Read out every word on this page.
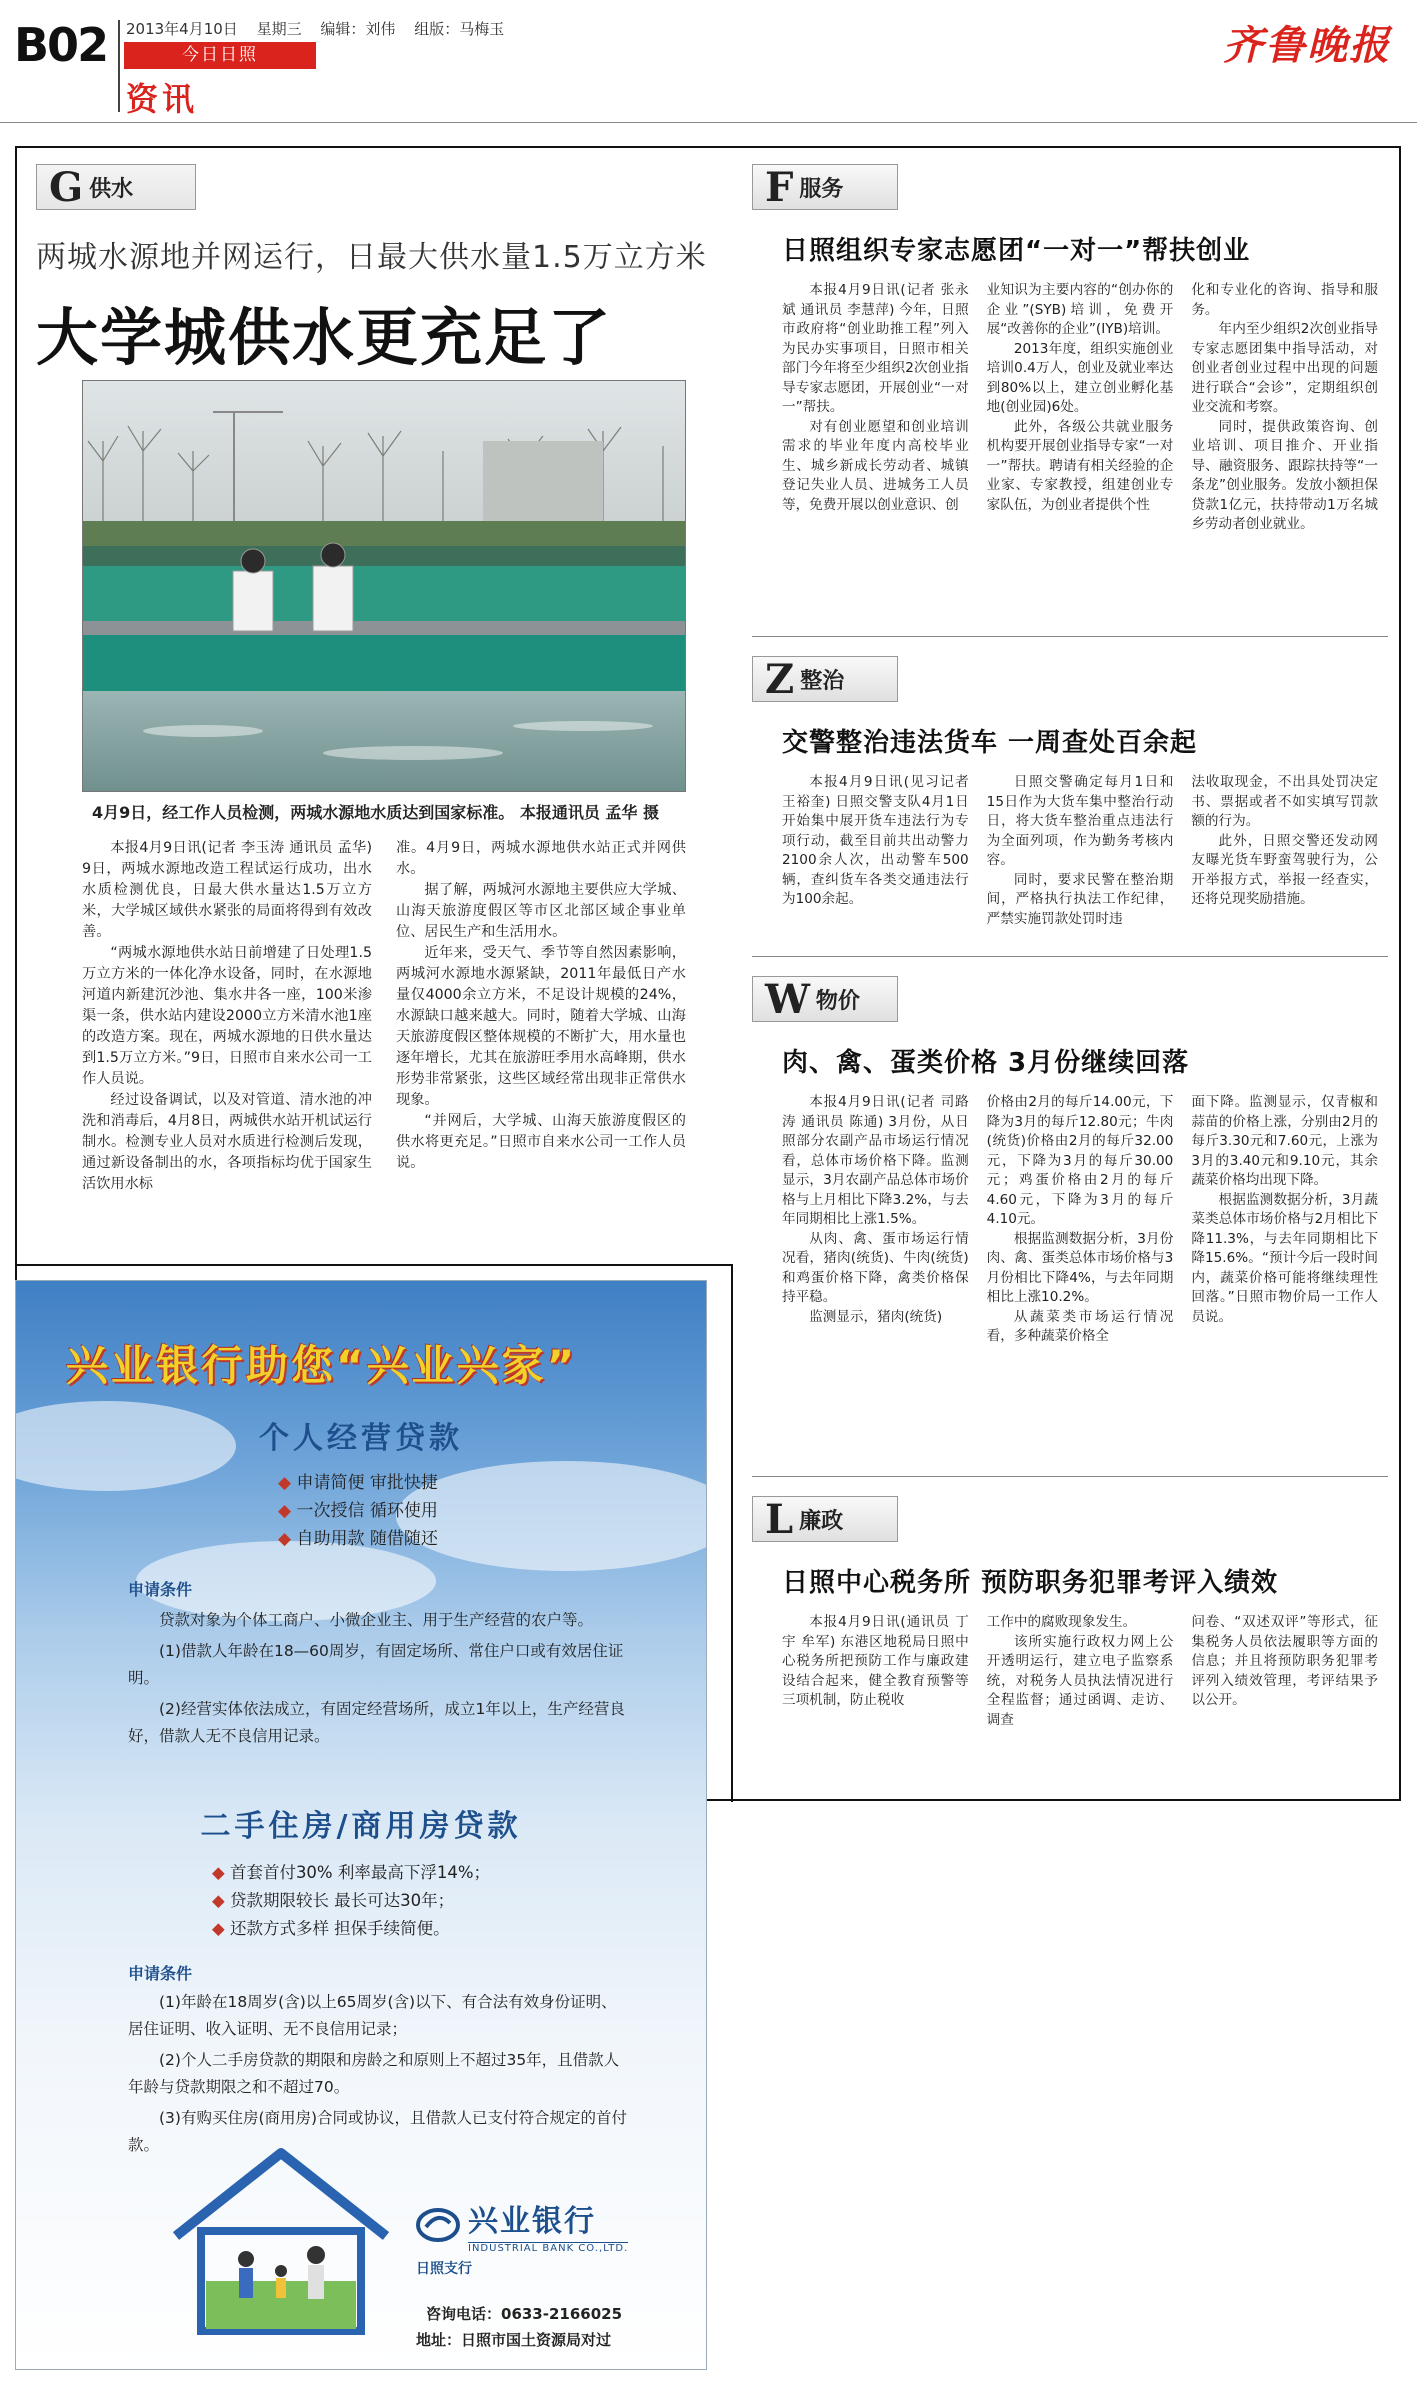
B02 2013年4月10日 星期三 编辑：刘伟 组版：马梅玉
今日日照
资讯
齐鲁晚报
G 供水
两城水源地并网运行，日最大供水量1.5万立方米
大学城供水更充足了
4月9日，经工作人员检测，两城水源地水质达到国家标准。 本报通讯员 孟华 摄

本报4月9日讯(记者 李玉涛 通讯员 孟华) 9日，两城水源地改造工程试运行成功，出水水质检测优良，日最大供水量达1.5万立方米，大学城区域供水紧张的局面将得到有效改善。

“两城水源地供水站日前增建了日处理1.5万立方米的一体化净水设备，同时，在水源地河道内新建沉沙池、集水井各一座，100米渗渠一条，供水站内建设2000立方米清水池1座的改造方案。现在，两城水源地的日供水量达到1.5万立方米。”9日，日照市自来水公司一工作人员说。

经过设备调试，以及对管道、清水池的冲洗和消毒后，4月8日，两城供水站开机试运行制水。检测专业人员对水质进行检测后发现，通过新设备制出的水，各项指标均优于国家生活饮用水标

准。4月9日，两城水源地供水站正式并网供水。

据了解，两城河水源地主要供应大学城、山海天旅游度假区等市区北部区域企事业单位、居民生产和生活用水。

近年来，受天气、季节等自然因素影响，两城河水源地水源紧缺，2011年最低日产水量仅4000余立方米，不足设计规模的24%，水源缺口越来越大。同时，随着大学城、山海天旅游度假区整体规模的不断扩大，用水量也逐年增长，尤其在旅游旺季用水高峰期，供水形势非常紧张，这些区域经常出现非正常供水现象。

“并网后，大学城、山海天旅游度假区的供水将更充足。”日照市自来水公司一工作人员说。

F 服务
日照组织专家志愿团“一对一”帮扶创业

本报4月9日讯(记者 张永斌 通讯员 李慧萍) 今年，日照市政府将“创业助推工程”列入为民办实事项目，日照市相关部门今年将至少组织2次创业指导专家志愿团，开展创业“一对一”帮扶。

对有创业愿望和创业培训需求的毕业年度内高校毕业生、城乡新成长劳动者、城镇登记失业人员、进城务工人员等，免费开展以创业意识、创

业知识为主要内容的“创办你的企业”(SYB)培训，免费开展“改善你的企业”(IYB)培训。

2013年度，组织实施创业培训0.4万人，创业及就业率达到80%以上，建立创业孵化基地(创业园)6处。

此外，各级公共就业服务机构要开展创业指导专家“一对一”帮扶。聘请有相关经验的企业家、专家教授，组建创业专家队伍，为创业者提供个性

化和专业化的咨询、指导和服务。

年内至少组织2次创业指导专家志愿团集中指导活动，对创业者创业过程中出现的问题进行联合“会诊”，定期组织创业交流和考察。

同时，提供政策咨询、创业培训、项目推介、开业指导、融资服务、跟踪扶持等“一条龙”创业服务。发放小额担保贷款1亿元，扶持带动1万名城乡劳动者创业就业。

Z 整治
交警整治违法货车 一周查处百余起

本报4月9日讯(见习记者 王裕奎) 日照交警支队4月1日开始集中展开货车违法行为专项行动，截至目前共出动警力2100余人次，出动警车500辆，查纠货车各类交通违法行为100余起。

日照交警确定每月1日和15日作为大货车集中整治行动日，将大货车整治重点违法行为全面列项，作为勤务考核内容。

同时，要求民警在整治期间，严格执行执法工作纪律，严禁实施罚款处罚时违

法收取现金，不出具处罚决定书、票据或者不如实填写罚款额的行为。

此外，日照交警还发动网友曝光货车野蛮驾驶行为，公开举报方式，举报一经查实，还将兑现奖励措施。

W 物价
肉、禽、蛋类价格 3月份继续回落

本报4月9日讯(记者 司路涛 通讯员 陈通) 3月份，从日照部分农副产品市场运行情况看，总体市场价格下降。监测显示，3月农副产品总体市场价格与上月相比下降3.2%，与去年同期相比上涨1.5%。

从肉、禽、蛋市场运行情况看，猪肉(统货)、牛肉(统货)和鸡蛋价格下降，禽类价格保持平稳。

监测显示，猪肉(统货)

价格由2月的每斤14.00元，下降为3月的每斤12.80元；牛肉(统货)价格由2月的每斤32.00元，下降为3月的每斤30.00元；鸡蛋价格由2月的每斤4.60元，下降为3月的每斤4.10元。

根据监测数据分析，3月份肉、禽、蛋类总体市场价格与3月份相比下降4%，与去年同期相比上涨10.2%。

从蔬菜类市场运行情况看，多种蔬菜价格全

面下降。监测显示，仅青椒和蒜苗的价格上涨，分别由2月的每斤3.30元和7.60元，上涨为3月的3.40元和9.10元，其余蔬菜价格均出现下降。

根据监测数据分析，3月蔬菜类总体市场价格与2月相比下降11.3%，与去年同期相比下降15.6%。“预计今后一段时间内，蔬菜价格可能将继续理性回落。”日照市物价局一工作人员说。

L 廉政
日照中心税务所 预防职务犯罪考评入绩效

本报4月9日讯(通讯员 丁宇 牟军) 东港区地税局日照中心税务所把预防工作与廉政建设结合起来，健全教育预警等三项机制，防止税收

工作中的腐败现象发生。

该所实施行政权力网上公开透明运行，建立电子监察系统，对税务人员执法情况进行全程监督；通过函调、走访、调查

问卷、“双述双评”等形式，征集税务人员依法履职等方面的信息；并且将预防职务犯罪考评列入绩效管理，考评结果予以公开。

兴业银行助您“兴业兴家”
个人经营贷款
◆ 申请简便 审批快捷
◆ 一次授信 循环使用
◆ 自助用款 随借随还
申请条件

贷款对象为个体工商户、小微企业主、用于生产经营的农户等。

(1)借款人年龄在18—60周岁，有固定场所、常住户口或有效居住证明。

(2)经营实体依法成立，有固定经营场所，成立1年以上，生产经营良好，借款人无不良信用记录。

二手住房/商用房贷款
◆ 首套首付30% 利率最高下浮14%；
◆ 贷款期限较长 最长可达30年；
◆ 还款方式多样 担保手续简便。
申请条件

(1)年龄在18周岁(含)以上65周岁(含)以下、有合法有效身份证明、居住证明、收入证明、无不良信用记录；

(2)个人二手房贷款的期限和房龄之和原则上不超过35年，且借款人年龄与贷款期限之和不超过70。

(3)有购买住房(商用房)合同或协议，且借款人已支付符合规定的首付款。

兴业银行
INDUSTRIAL BANK CO.,LTD.
日照支行
咨询电话：0633-2166025
地址：日照市国土资源局对过
